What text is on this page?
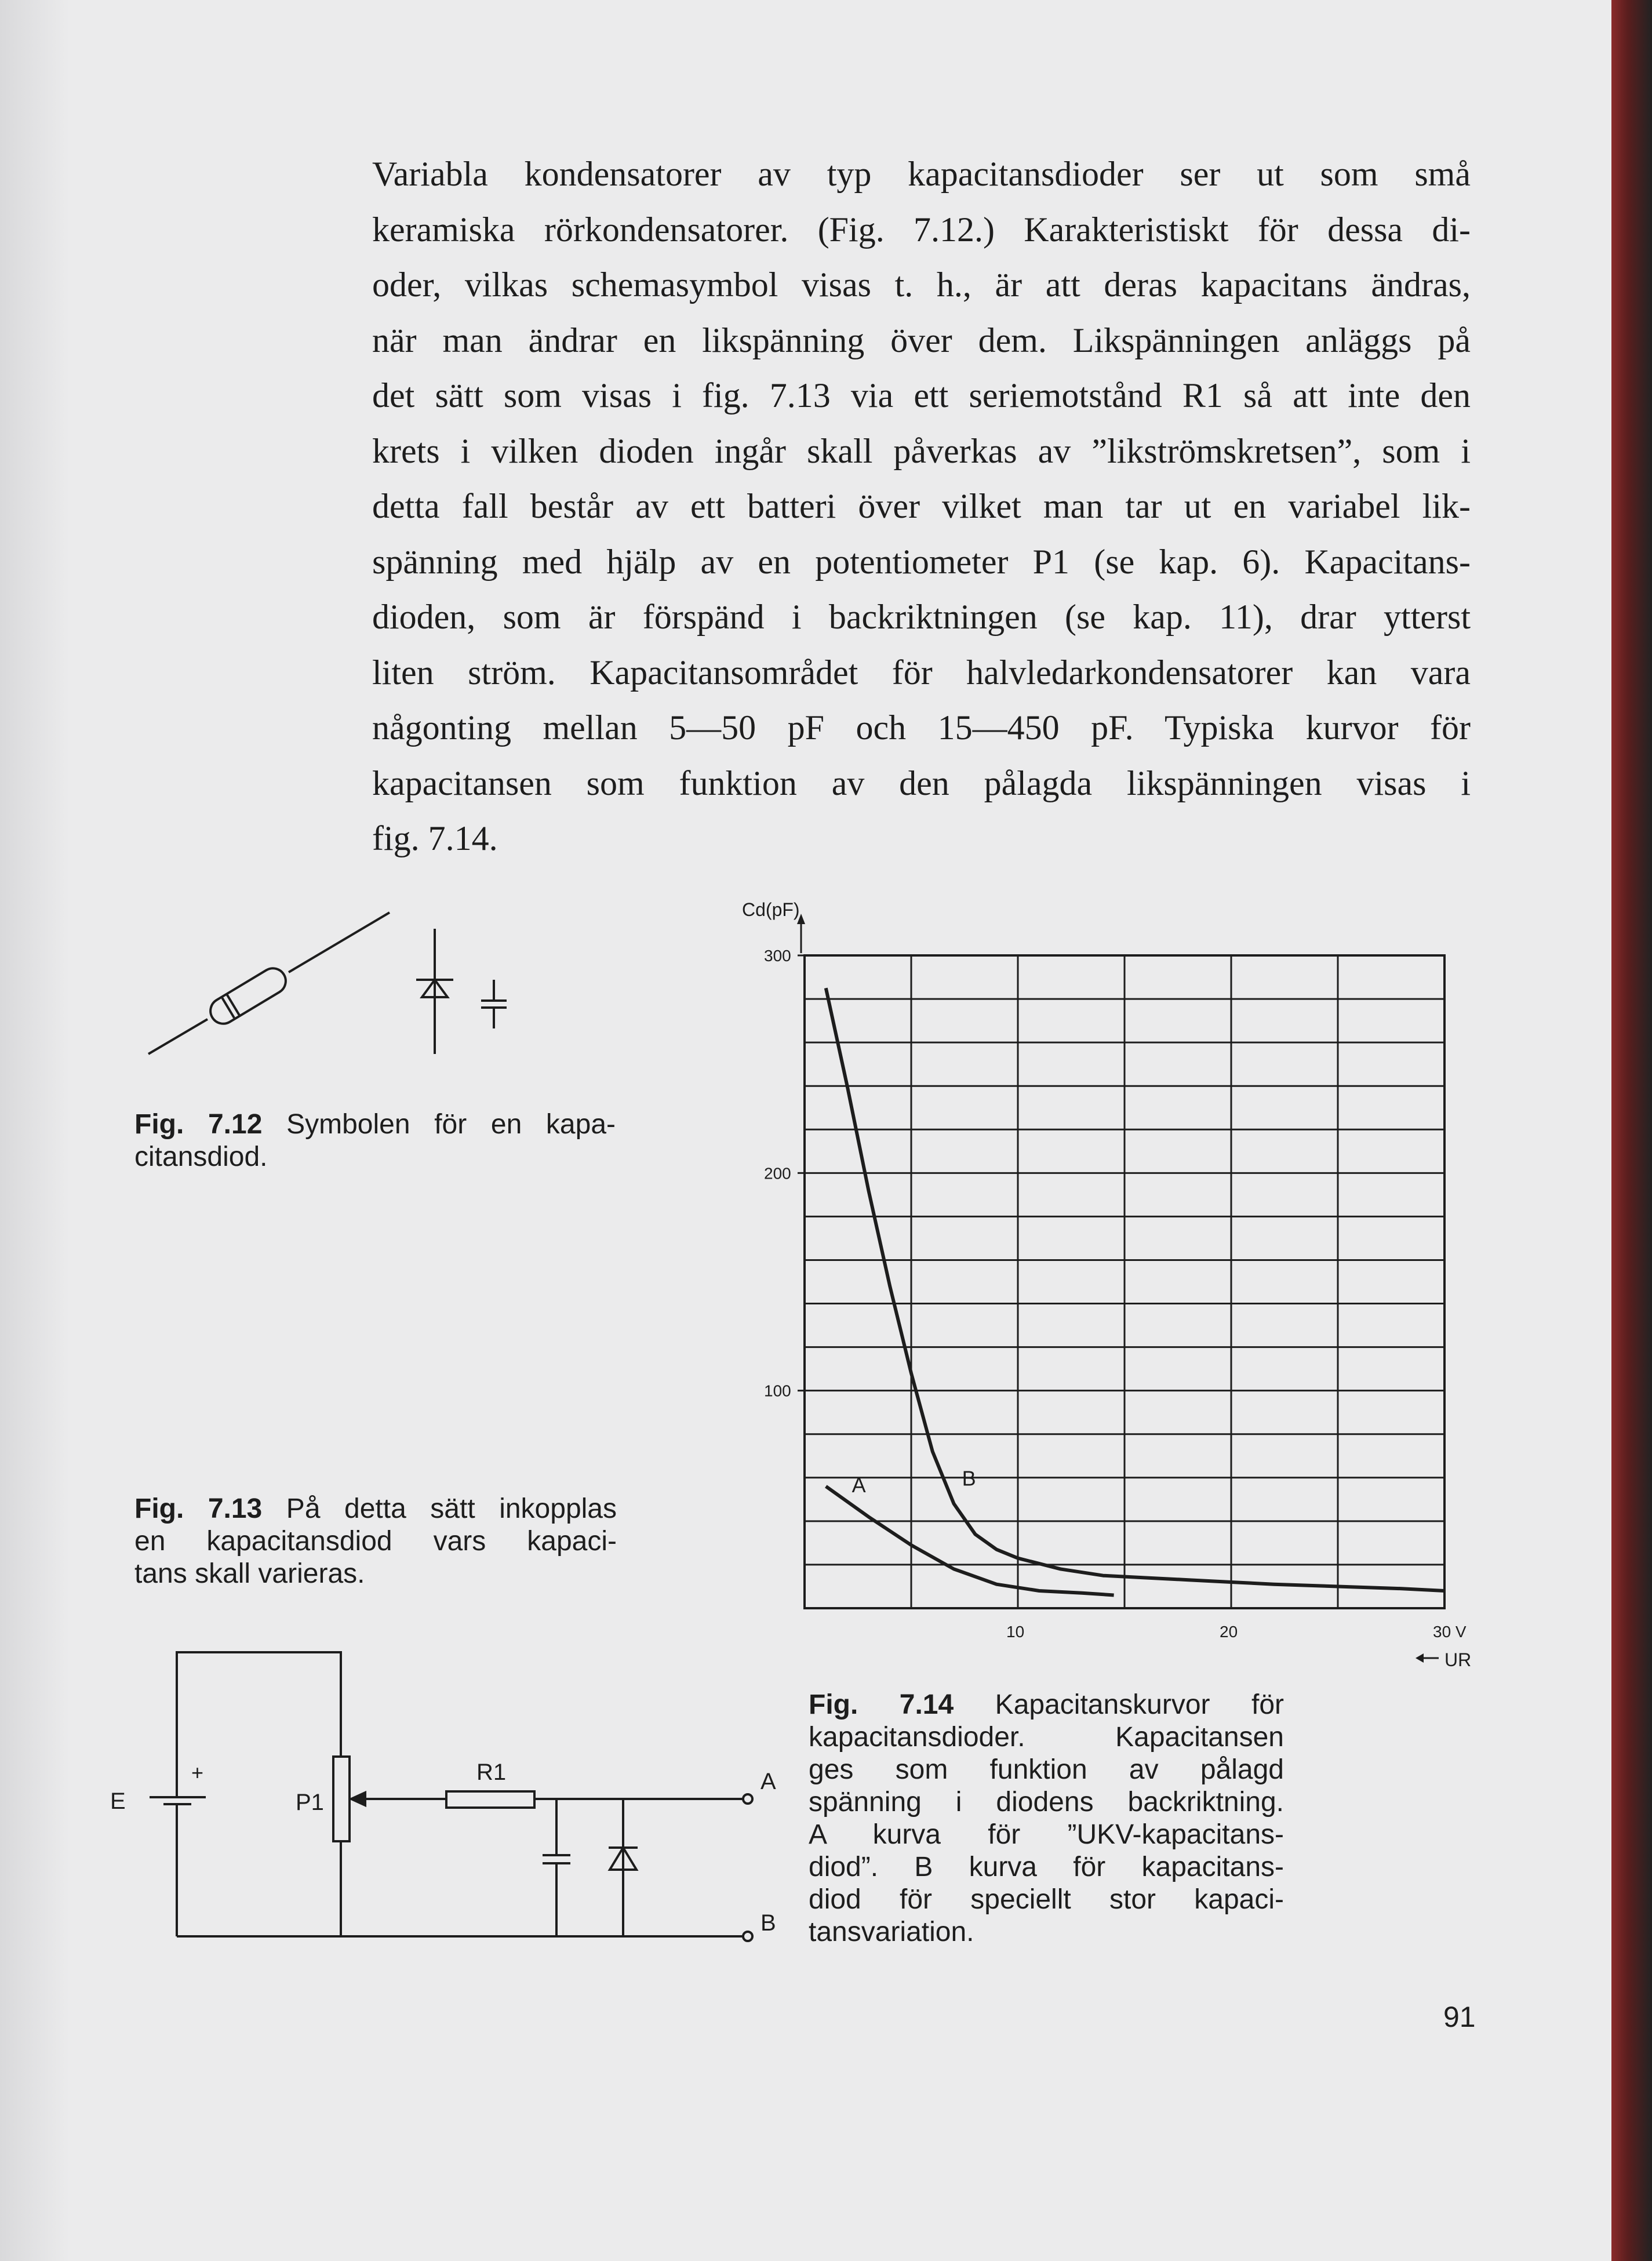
Variabla kondensatorer av typ kapacitansdioder ser ut som små
keramiska rörkondensatorer. (Fig. 7.12.) Karakteristiskt för dessa di-
oder, vilkas schemasymbol visas t. h., är att deras kapacitans ändras,
när man ändrar en likspänning över dem. Likspänningen anläggs på
det sätt som visas i fig. 7.13 via ett seriemotstånd R1 så att inte den
krets i vilken dioden ingår skall påverkas av ”likströmskretsen”, som i
detta fall består av ett batteri över vilket man tar ut en variabel lik-
spänning med hjälp av en potentiometer P1 (se kap. 6). Kapacitans-
dioden, som är förspänd i backriktningen (se kap. 11), drar ytterst
liten ström. Kapacitansområdet för halvledarkondensatorer kan vara
någonting mellan 5—50 pF och 15—450 pF. Typiska kurvor för
kapacitansen som funktion av den pålagda likspänningen visas i
fig. 7.14.
Fig. 7.12 Symbolen för en kapa-
citansdiod.
Fig. 7.13 På detta sätt inkopplas
en kapacitansdiod vars kapaci-
tans skall varieras.
E
+
P1
R1	A
B
A	B
100
200
300
10	20	30 V
Cd(pF)
UR
Fig. 7.14 Kapacitanskurvor för
kapacitansdioder. Kapacitansen
ges som funktion av pålagd
spänning i diodens backriktning.
A kurva för ”UKV-kapacitans-
diod”. B kurva för kapacitans-
diod för speciellt stor kapaci-
tansvariation.
91
